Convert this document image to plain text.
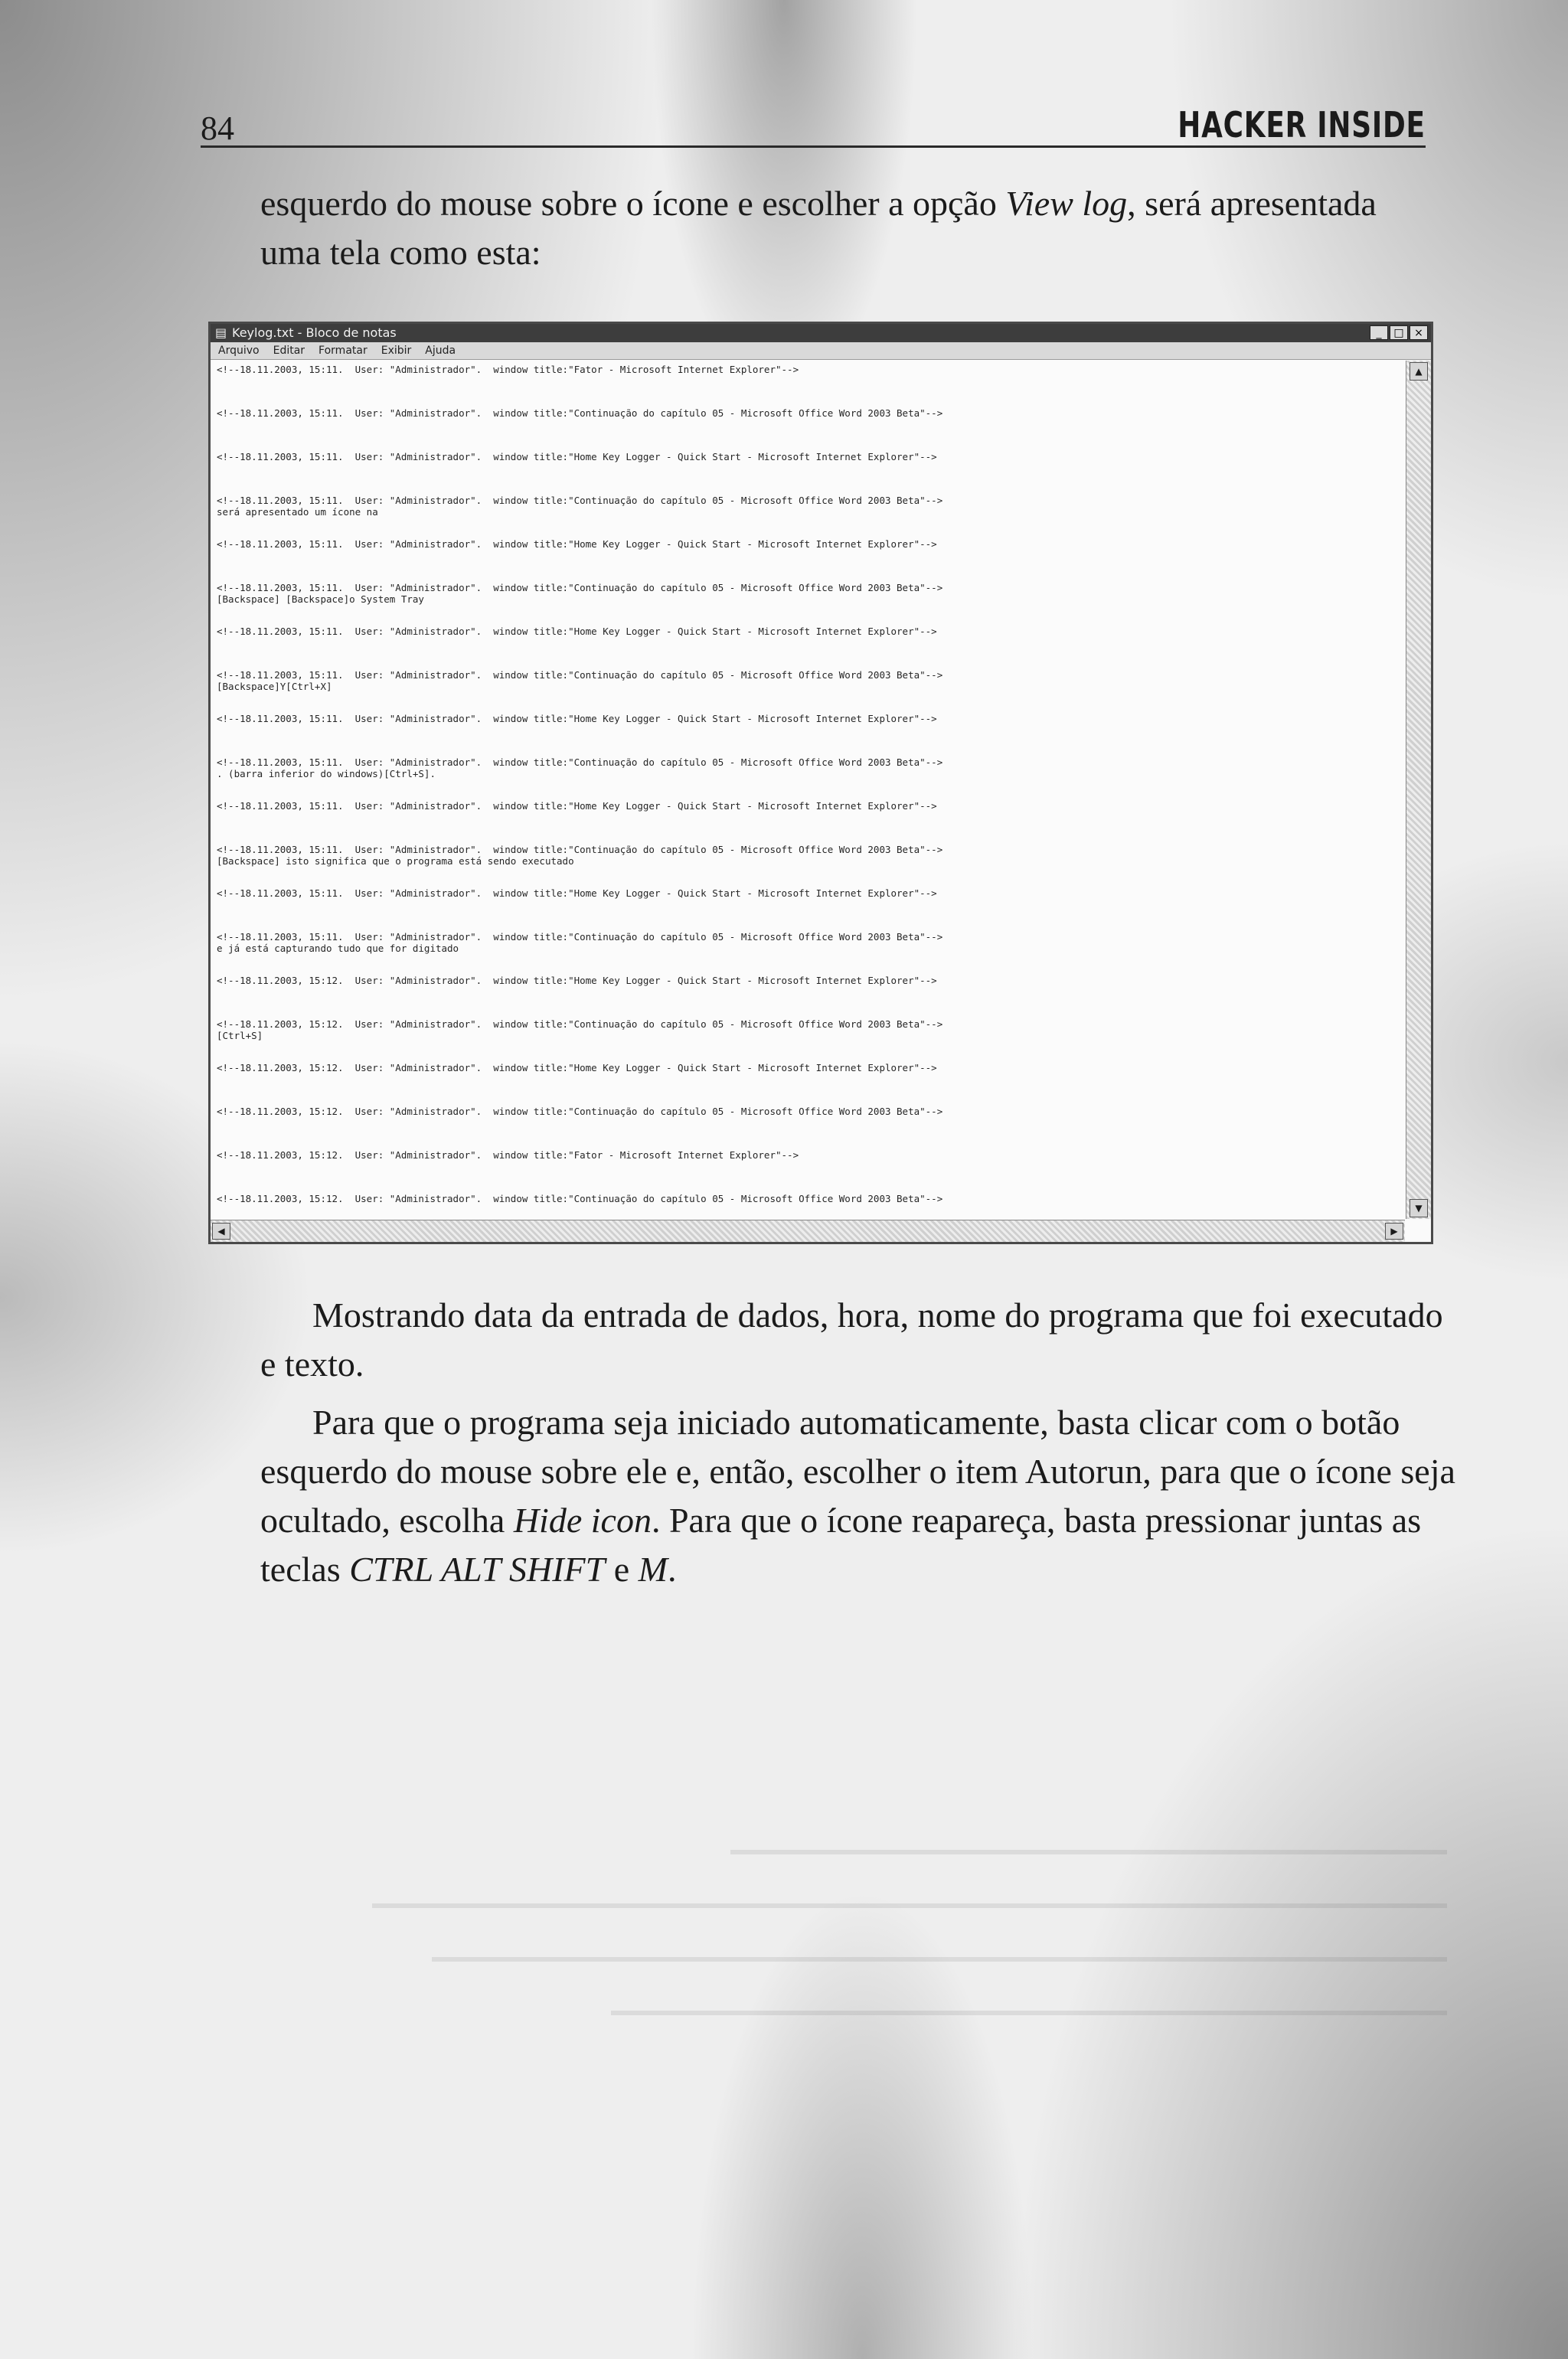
84	HACKER INSIDE

esquerdo do mouse sobre o ícone e escolher a opção View log, será apresentada uma tela como esta:

▤ Keylog.txt - Bloco de notas	_	□ ×
Arquivo Editar Formatar Exibir Ajuda
<!--18.11.2003, 15:11.  User: "Administrador".  window title:"Fator - Microsoft Internet Explorer"-->
<!--18.11.2003, 15:11.  User: "Administrador".  window title:"Continuação do capítulo 05 - Microsoft Office Word 2003 Beta"-->
<!--18.11.2003, 15:11.  User: "Administrador".  window title:"Home Key Logger - Quick Start - Microsoft Internet Explorer"-->
<!--18.11.2003, 15:11.  User: "Administrador".  window title:"Continuação do capítulo 05 - Microsoft Office Word 2003 Beta"-->
será apresentado um ícone na
<!--18.11.2003, 15:11.  User: "Administrador".  window title:"Home Key Logger - Quick Start - Microsoft Internet Explorer"-->
<!--18.11.2003, 15:11.  User: "Administrador".  window title:"Continuação do capítulo 05 - Microsoft Office Word 2003 Beta"-->
[Backspace] [Backspace]o System Tray
<!--18.11.2003, 15:11.  User: "Administrador".  window title:"Home Key Logger - Quick Start - Microsoft Internet Explorer"-->
<!--18.11.2003, 15:11.  User: "Administrador".  window title:"Continuação do capítulo 05 - Microsoft Office Word 2003 Beta"-->
[Backspace]Y[Ctrl+X]
<!--18.11.2003, 15:11.  User: "Administrador".  window title:"Home Key Logger - Quick Start - Microsoft Internet Explorer"-->
<!--18.11.2003, 15:11.  User: "Administrador".  window title:"Continuação do capítulo 05 - Microsoft Office Word 2003 Beta"-->
. (barra inferior do windows)[Ctrl+S].
<!--18.11.2003, 15:11.  User: "Administrador".  window title:"Home Key Logger - Quick Start - Microsoft Internet Explorer"-->
<!--18.11.2003, 15:11.  User: "Administrador".  window title:"Continuação do capítulo 05 - Microsoft Office Word 2003 Beta"-->
[Backspace] isto significa que o programa está sendo executado
<!--18.11.2003, 15:11.  User: "Administrador".  window title:"Home Key Logger - Quick Start - Microsoft Internet Explorer"-->
<!--18.11.2003, 15:11.  User: "Administrador".  window title:"Continuação do capítulo 05 - Microsoft Office Word 2003 Beta"-->
e já está capturando tudo que for digitado
<!--18.11.2003, 15:12.  User: "Administrador".  window title:"Home Key Logger - Quick Start - Microsoft Internet Explorer"-->
<!--18.11.2003, 15:12.  User: "Administrador".  window title:"Continuação do capítulo 05 - Microsoft Office Word 2003 Beta"-->
[Ctrl+S]
<!--18.11.2003, 15:12.  User: "Administrador".  window title:"Home Key Logger - Quick Start - Microsoft Internet Explorer"-->
<!--18.11.2003, 15:12.  User: "Administrador".  window title:"Continuação do capítulo 05 - Microsoft Office Word 2003 Beta"-->
<!--18.11.2003, 15:12.  User: "Administrador".  window title:"Fator - Microsoft Internet Explorer"-->
<!--18.11.2003, 15:12.  User: "Administrador".  window title:"Continuação do capítulo 05 - Microsoft Office Word 2003 Beta"-->
▲
▼
◀	▶

Mostrando data da entrada de dados, hora, nome do programa que foi executado e texto.

Para que o programa seja iniciado automaticamente, basta clicar com o botão esquerdo do mouse sobre ele e, então, escolher o item Autorun, para que o ícone seja ocultado, escolha Hide icon. Para que o ícone reapareça, basta pressionar juntas as teclas CTRL ALT SHIFT e M.
